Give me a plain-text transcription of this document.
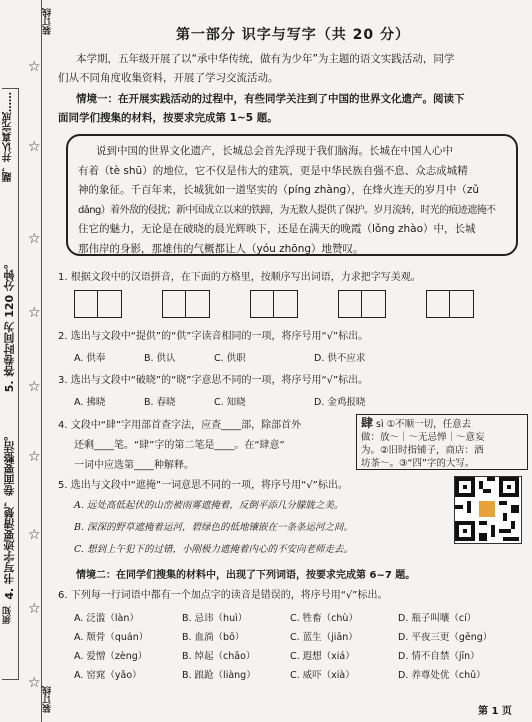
装订线
装订线
题，并认真完成……
5. 答卷时间为 120 分钟。
4. 书写字迹要清楚，卷面要整洁。
须知
☆
☆
☆
☆
☆
☆
☆
☆
☆
第一部分 识字与写字（共 20 分）
本学期，五年级开展了以“承中华传统，做有为少年”为主题的语文实践活动，同学
们从不同角度收集资料，开展了学习交流活动。
情境一：在开展实践活动的过程中，有些同学关注到了中国的世界文化遗产。阅读下
面同学们搜集的材料，按要求完成第 1~5 题。
说到中国的世界文化遗产，长城总会首先浮现于我们脑海。长城在中国人心中
有着（tè shū）的地位，它不仅是伟大的建筑，更是中华民族自强不息、众志成城精
神的象征。千百年来，长城犹如一道坚实的（píng zhàng），在烽火连天的岁月中（zǔ
dǎng）着外敌的侵扰；新中国成立以来的铁蹄，为无数人提供了保护。岁月流转，时光的痕迹遮掩不
住它的魅力，无论是在破晓的晨光辉映下，还是在满天的晚霞（lǒng zhào）中，长城
那伟岸的身影，那雄伟的气概都让人（yóu zhōng）地赞叹。
1. 根据文段中的汉语拼音，在下面的方格里，按顺序写出词语，力求把字写美观。
2. 选出与文段中“提供”的“供”字读音相同的一项，将序号用“√”标出。
A. 供奉	B. 供认	C. 供职	D. 供不应求
3. 选出与文段中“破晓”的“晓”字意思不同的一项，将序号用“√”标出。
A. 拂晓	B. 春晓	C. 知晓	D. 金鸡报晓
4. 文段中“肆”字用部首查字法，应查____部，除部首外
还剩____笔。“肆”字的第二笔是____。在“肆意”
一词中应选第____种解释。
肆 sì ①不顺一切，任意去
做：放～｜～无忌惮｜～意妄
为。②旧时指铺子，商店：酒
坊茶～。③“四”字的大写。
5. 选出与文段中“遮掩”一词意思不同的一项，将序号用“√”标出。
A. 远处高低起伏的山峦被雨雾遮掩着，反倒平添几分朦胧之美。
B. 深深的野草遮掩着运河，碧绿色的低地镶嵌在一条条运河之间。
C. 想到上午犯下的过错，小刚极力遮掩着内心的不安向老师走去。
情境二：在同学们搜集的材料中，出现了下列词语，按要求完成第 6~7 题。
6. 下列每一行词语中都有一个加点字的读音是错误的，将序号用“√”标出。
A. 泛滥（làn）	B. 忌讳（huì）	C. 牲畜（chù）	D. 瓶子叫嚷（cí）
A. 颓骨（quán）	B. 血淌（bō）	C. 蓝生（jiān）	D. 平夜三更（gēng）
A. 爱憎（zèng）	B. 绰起（chāo）	C. 遐想（xiá）	D. 情不自禁（jīn）
A. 窑窕（yǎo）	B. 踉跄（liàng）	C. 威吓（xià）	D. 养尊处优（chǔ）
第 1 页
